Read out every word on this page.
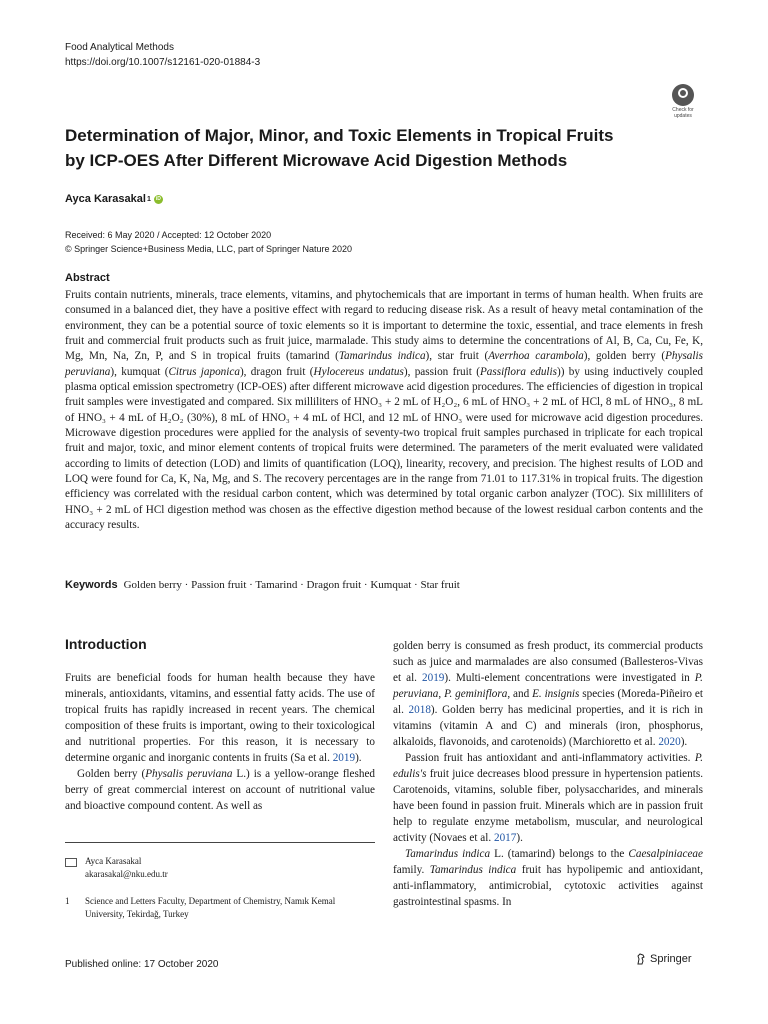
Food Analytical Methods
https://doi.org/10.1007/s12161-020-01884-3
Check for
updates
Determination of Major, Minor, and Toxic Elements in Tropical Fruits
by ICP-OES After Different Microwave Acid Digestion Methods
Ayca Karasakal 1	iD
Received: 6 May 2020 / Accepted: 12 October 2020
© Springer Science+Business Media, LLC, part of Springer Nature 2020
Abstract

Fruits contain nutrients, minerals, trace elements, vitamins, and phytochemicals that are important in terms of human health. When fruits are consumed in a balanced diet, they have a positive effect with regard to reducing disease risk. As a result of heavy metal contamination of the environment, they can be a potential source of toxic elements so it is important to determine the toxic, essential, and trace elements in fresh fruit and commercial fruit products such as fruit juice, marmalade. This study aims to determine the concentrations of Al, B, Ca, Cu, Fe, K, Mg, Mn, Na, Zn, P, and S in tropical fruits (tamarind (Tamarindus indica), star fruit (Averrhoa carambola), golden berry (Physalis peruviana), kumquat (Citrus japonica), dragon fruit (Hylocereus undatus), passion fruit (Passiflora edulis)) by using inductively coupled plasma optical emission spectrometry (ICP-OES) after different microwave acid digestion procedures. The efficiencies of digestion in tropical fruit samples were investigated and compared. Six milliliters of HNO₃ + 2 mL of H₂O₂, 6 mL of HNO₃ + 2 mL of HCl, 8 mL of HNO₃, 8 mL of HNO₃ + 4 mL of H₂O₂ (30%), 8 mL of HNO₃ + 4 mL of HCl, and 12 mL of HNO₃ were used for microwave acid digestion procedures. Microwave digestion procedures were applied for the analysis of seventy-two tropical fruit samples purchased in triplicate for each tropical fruit and major, toxic, and minor element contents of tropical fruits were determined. The parameters of the merit evaluated were validated according to limits of detection (LOD) and limits of quantification (LOQ), linearity, recovery, and precision. The highest results of LOD and LOQ were found for Ca, K, Na, Mg, and S. The recovery percentages are in the range from 71.01 to 117.31% in tropical fruits. The digestion efficiency was correlated with the residual carbon content, which was determined by total organic carbon analyzer (TOC). Six milliliters of HNO₃ + 2 mL of HCl digestion method was chosen as the effective digestion method because of the lowest residual carbon contents and the accuracy results.

Keywords Golden berry · Passion fruit · Tamarind · Dragon fruit · Kumquat · Star fruit
Introduction

Fruits are beneficial foods for human health because they have minerals, antioxidants, vitamins, and essential fatty acids. The use of tropical fruits has rapidly increased in recent years. The chemical composition of these fruits is important, owing to their toxicological and nutritional properties. For this reason, it is necessary to determine organic and inorganic contents in fruits (Sa et al. 2019).

Golden berry (Physalis peruviana L.) is a yellow-orange fleshed berry of great commercial interest on account of nutritional value and bioactive compound content. As well as

Ayca Karasakal
akarasakal@nku.edu.tr
1	Science and Letters Faculty, Department of Chemistry, Namık Kemal University, Tekirdağ, Turkey

golden berry is consumed as fresh product, its commercial products such as juice and marmalades are also consumed (Ballesteros-Vivas et al. 2019). Multi-element concentrations were investigated in P. peruviana, P. geminiflora, and E. insignis species (Moreda-Piñeiro et al. 2018). Golden berry has medicinal properties, and it is rich in vitamins (vitamin A and C) and minerals (iron, phosphorus, alkaloids, flavonoids, and carotenoids) (Marchioretto et al. 2020).

Passion fruit has antioxidant and anti-inflammatory activities. P. edulis's fruit juice decreases blood pressure in hypertension patients. Carotenoids, vitamins, soluble fiber, polysaccharides, and minerals have been found in passion fruit. Minerals which are in passion fruit help to regulate enzyme metabolism, muscular, and neurological activity (Novaes et al. 2017).

Tamarindus indica L. (tamarind) belongs to the Caesalpiniaceae family. Tamarindus indica fruit has hypolipemic and antioxidant, anti-inflammatory, antimicrobial, cytotoxic activities against gastrointestinal spasms. In

Published online: 17 October 2020	Springer
